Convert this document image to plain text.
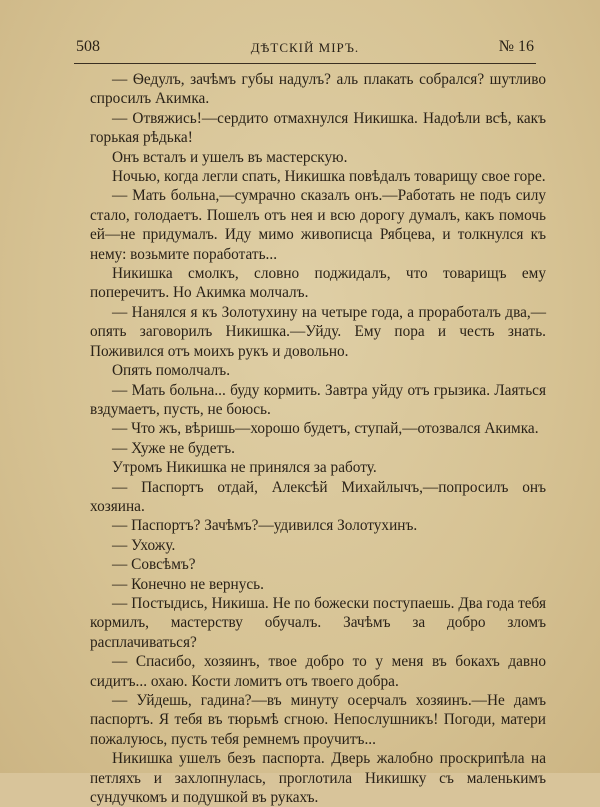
508	ДѢТСКІЙ МІРЪ.	№ 16

— Ѳедулъ, зачѣмъ губы надулъ? аль плакать собрался? шутливо спросилъ Акимка.

— Отвяжись!—сердито отмахнулся Никишка. Надоѣли всѣ, какъ горькая рѣдька!

Онъ всталъ и ушелъ въ мастерскую.

Ночью, когда легли спать, Никишка повѣдалъ товарищу свое горе.

— Мать больна,—сумрачно сказалъ онъ.—Работать не подъ силу стало, голодаетъ. Пошелъ отъ нея и всю дорогу думалъ, какъ помочь ей—не придумалъ. Иду мимо живописца Рябцева, и толкнулся къ нему: возьмите поработать...

Никишка смолкъ, словно поджидалъ, что товарищъ ему поперечитъ. Но Акимка молчалъ.

— Нанялся я къ Золотухину на четыре года, а проработалъ два,—опять заговорилъ Никишка.—Уйду. Ему пора и честь знать. Поживился отъ моихъ рукъ и довольно.

Опять помолчалъ.

— Мать больна... буду кормить. Завтра уйду отъ грызика. Лаяться вздумаетъ, пусть, не боюсь.

— Что жъ, вѣришь—хорошо будетъ, ступай,—отозвался Акимка.

— Хуже не будетъ.

Утромъ Никишка не принялся за работу.

— Паспортъ отдай, Алексѣй Михайлычъ,—попросилъ онъ хозяина.

— Паспортъ? Зачѣмъ?—удивился Золотухинъ.

— Ухожу.

— Совсѣмъ?

— Конечно не вернусь.

— Постыдись, Никиша. Не по божески поступаешь. Два года тебя кормилъ, мастерству обучалъ. Зачѣмъ за добро зломъ расплачиваться?

— Спасибо, хозяинъ, твое добро то у меня въ бокахъ давно сидитъ... охаю. Кости ломитъ отъ твоего добра.

— Уйдешь, гадина?—въ минуту осерчалъ хозяинъ.—Не дамъ паспортъ. Я тебя въ тюрьмѣ сгною. Непослушникъ! Погоди, матери пожалуюсь, пусть тебя ремнемъ проучитъ...

Никишка ушелъ безъ паспорта. Дверь жалобно проскрипѣла на петляхъ и захлопнулась, проглотила Никишку съ маленькимъ сундучкомъ и подушкой въ рукахъ.
